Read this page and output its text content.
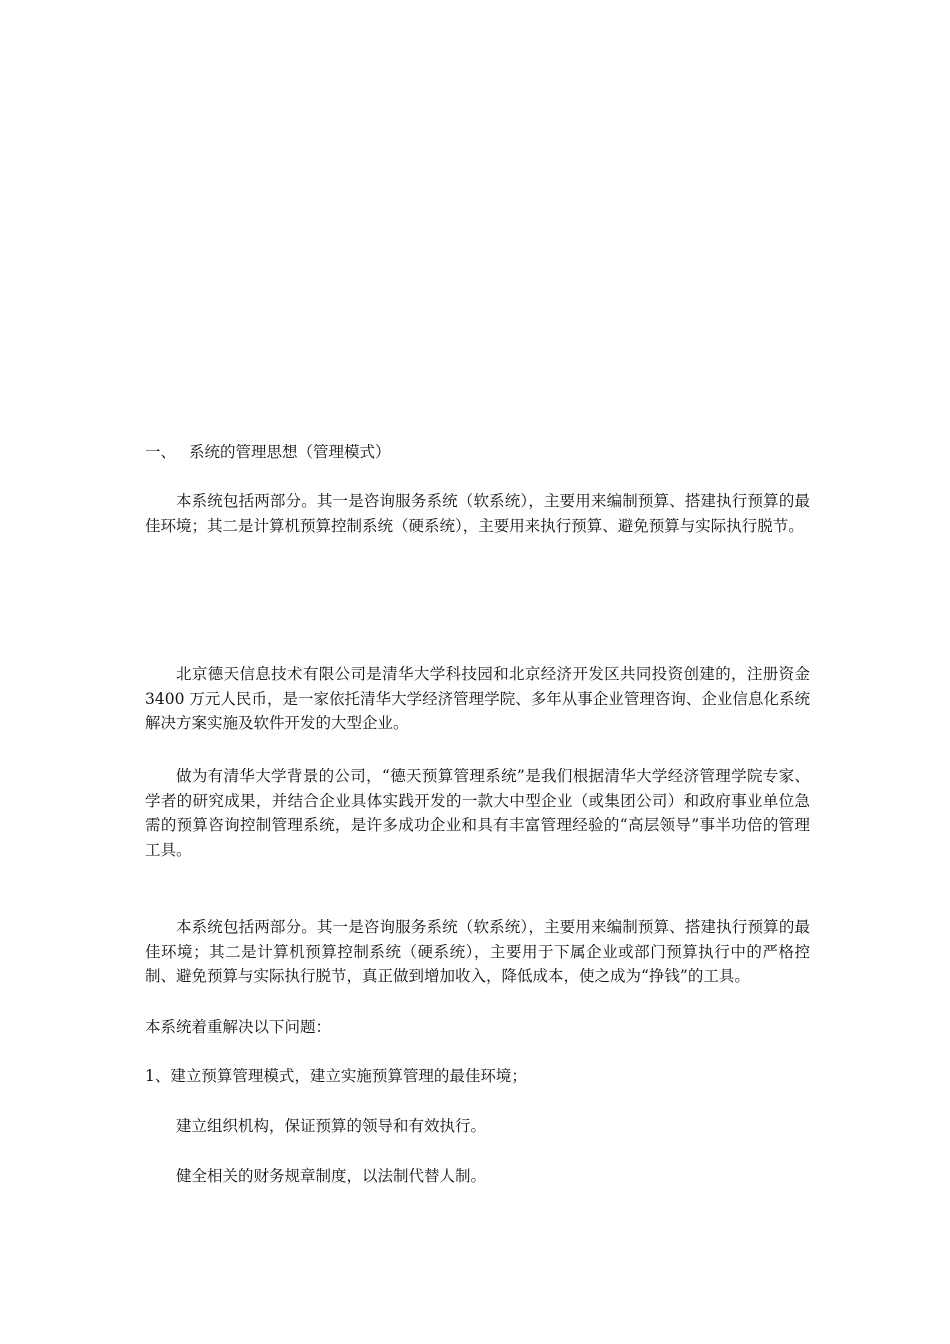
一、 系统的管理思想（管理模式）

本系统包括两部分。其一是咨询服务系统（软系统），主要用来编制预算、搭建执行预算的最佳环境；其二是计算机预算控制系统（硬系统），主要用来执行预算、避免预算与实际执行脱节。

北京德天信息技术有限公司是清华大学科技园和北京经济开发区共同投资创建的，注册资金 3400 万元人民币，是一家依托清华大学经济管理学院、多年从事企业管理咨询、企业信息化系统解决方案实施及软件开发的大型企业。

做为有清华大学背景的公司，“德天预算管理系统”是我们根据清华大学经济管理学院专家、学者的研究成果，并结合企业具体实践开发的一款大中型企业（或集团公司）和政府事业单位急需的预算咨询控制管理系统，是许多成功企业和具有丰富管理经验的“高层领导”事半功倍的管理工具。

本系统包括两部分。其一是咨询服务系统（软系统），主要用来编制预算、搭建执行预算的最佳环境；其二是计算机预算控制系统（硬系统），主要用于下属企业或部门预算执行中的严格控制、避免预算与实际执行脱节，真正做到增加收入，降低成本，使之成为“挣钱”的工具。

本系统着重解决以下问题：

1、建立预算管理模式，建立实施预算管理的最佳环境；

建立组织机构，保证预算的领导和有效执行。

健全相关的财务规章制度，以法制代替人制。
